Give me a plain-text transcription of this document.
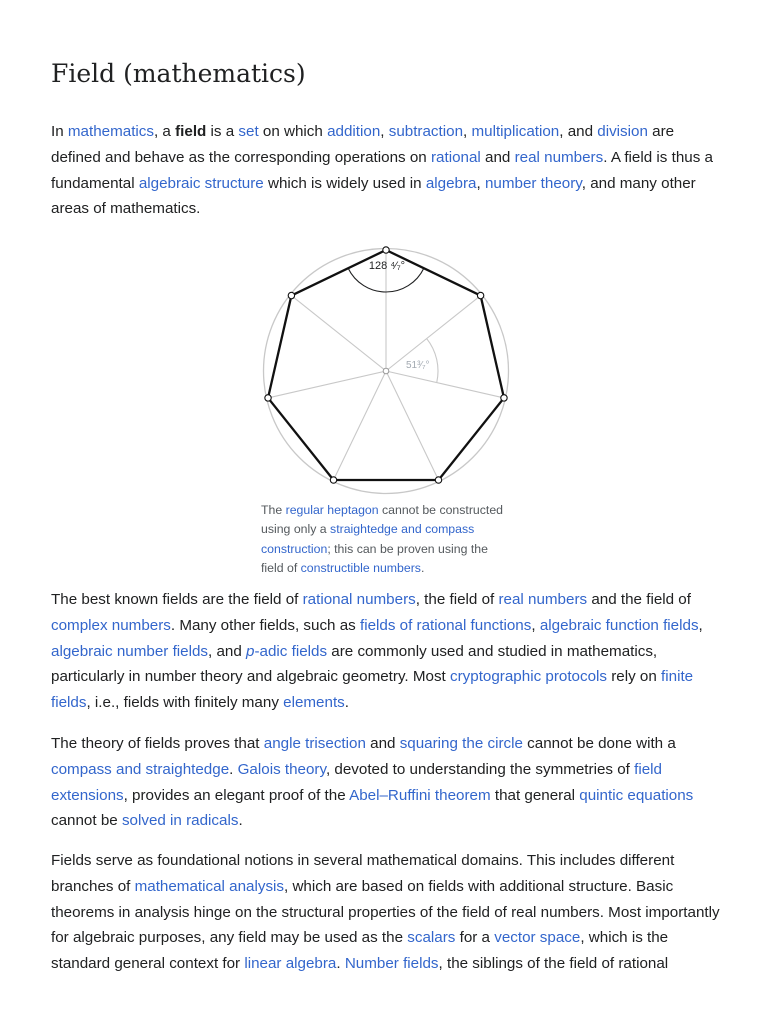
Field (mathematics)

In mathematics, a field is a set on which addition, subtraction, multiplication, and division are defined and behave as the corresponding operations on rational and real numbers. A field is thus a fundamental algebraic structure which is widely used in algebra, number theory, and many other areas of mathematics.

128 ⁴⁄₇°
51³⁄₇°

The regular heptagon cannot be constructed using only a straightedge and compass construction; this can be proven using the field of constructible numbers.

The best known fields are the field of rational numbers, the field of real numbers and the field of complex numbers. Many other fields, such as fields of rational functions, algebraic function fields, algebraic number fields, and p-adic fields are commonly used and studied in mathematics, particularly in number theory and algebraic geometry. Most cryptographic protocols rely on finite fields, i.e., fields with finitely many elements.

The theory of fields proves that angle trisection and squaring the circle cannot be done with a compass and straightedge. Galois theory, devoted to understanding the symmetries of field extensions, provides an elegant proof of the Abel–Ruffini theorem that general quintic equations cannot be solved in radicals.

Fields serve as foundational notions in several mathematical domains. This includes different branches of mathematical analysis, which are based on fields with additional structure. Basic theorems in analysis hinge on the structural properties of the field of real numbers. Most importantly for algebraic purposes, any field may be used as the scalars for a vector space, which is the standard general context for linear algebra. Number fields, the siblings of the field of rational
